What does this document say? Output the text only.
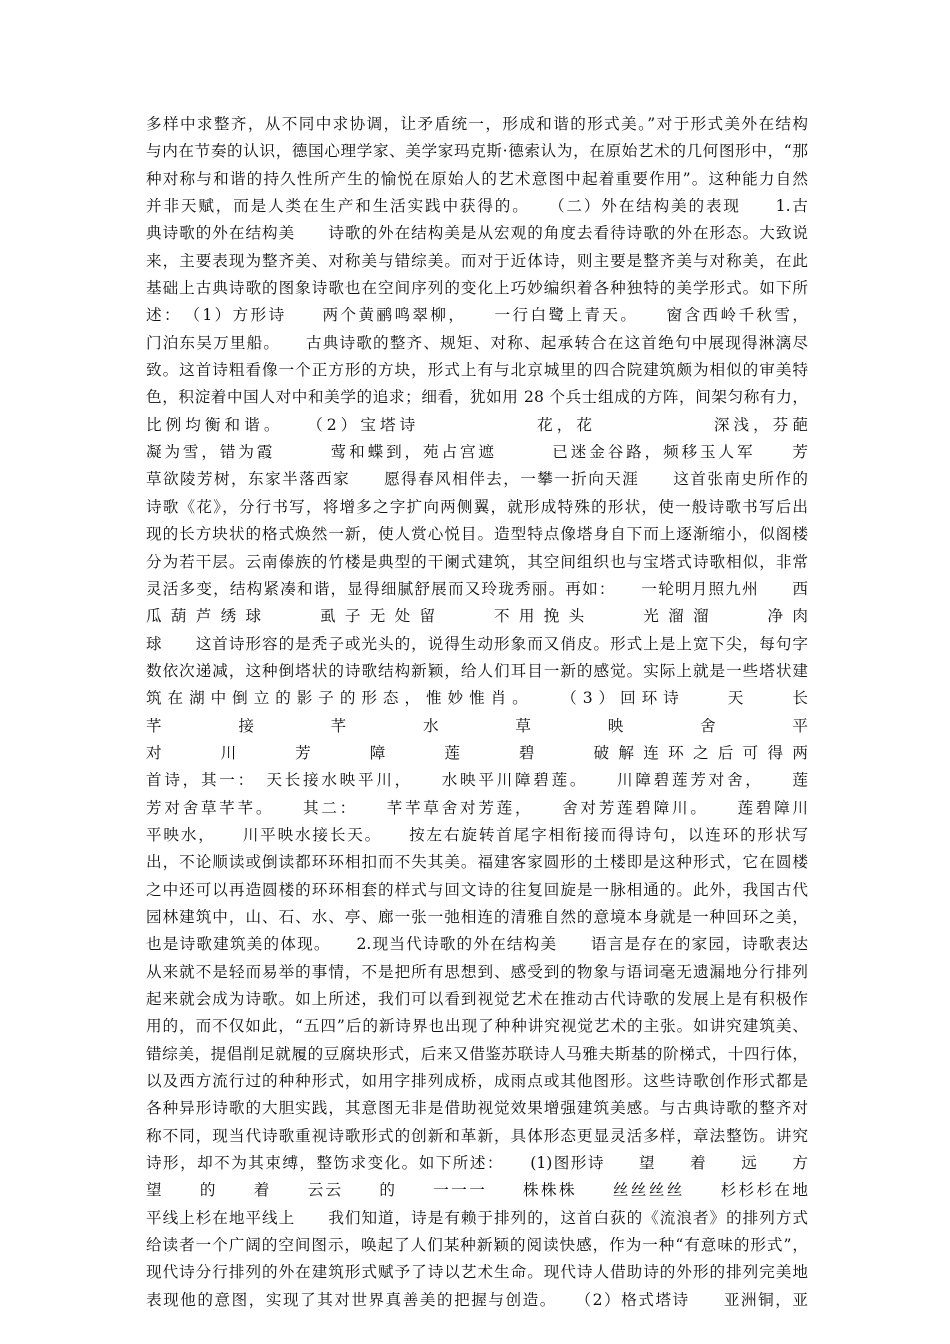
多样中求整齐，从不同中求协调，让矛盾统一，形成和谐的形式美。”对于形式美外在结构
与内在节奏的认识，德国心理学家、美学家玛克斯·德索认为，在原始艺术的几何图形中，“那
种对称与和谐的持久性所产生的愉悦在原始人的艺术意图中起着重要作用”。这种能力自然
并非天赋，而是人类在生产和生活实践中获得的。　　（二）外在结构美的表现　　1.古
典诗歌的外在结构美　　诗歌的外在结构美是从宏观的角度去看待诗歌的外在形态。大致说
来，主要表现为整齐美、对称美与错综美。而对于近体诗，则主要是整齐美与对称美，在此
基础上古典诗歌的图象诗歌也在空间序列的变化上巧妙编织着各种独特的美学形式。如下所
述：　（1）方形诗　　两个黄鹂鸣翠柳，　　一行白鹭上青天。　　窗含西岭千秋雪，
门泊东吴万里船。　　古典诗歌的整齐、规矩、对称、起承转合在这首绝句中展现得淋漓尽
致。这首诗粗看像一个正方形的方块，形式上有与北京城里的四合院建筑颇为相似的审美特
色，积淀着中国人对中和美学的追求；细看，犹如用 28 个兵士组成的方阵，间架匀称有力，
比例均衡和谐。　　（2）宝塔诗　　　　　　花，花　　　　　　深浅，芬葩
凝为雪，错为霞　　　莺和蝶到，苑占宫遮　　　已迷金谷路，频移玉人军　　芳
草欲陵芳树，东家半落西家　　愿得春风相伴去，一攀一折向天涯　　这首张南史所作的
诗歌《花》，分行书写，将增多之字扩向两侧翼，就形成特殊的形状，使一般诗歌书写后出
现的长方块状的格式焕然一新，使人赏心悦目。造型特点像塔身自下而上逐渐缩小，似阁楼
分为若干层。云南傣族的竹楼是典型的干阑式建筑，其空间组织也与宝塔式诗歌相似，非常
灵活多变，结构紧凑和谐，显得细腻舒展而又玲珑秀丽。再如：　　一轮明月照九州　　西
瓜葫芦绣球　　虱子无处留　　不用挽头　　光溜溜　　净肉
球　　这首诗形容的是秃子或光头的，说得生动形象而又俏皮。形式上是上宽下尖，每句字
数依次递减，这种倒塔状的诗歌结构新颖，给人们耳目一新的感觉。实际上就是一些塔状建
筑在湖中倒立的影子的形态，惟妙惟肖。　　（3）回环诗　　天　　长
芊　　接　　芊　　水　　草　　映　　舍　　平
对　　川　　芳　　障　　莲　　碧　　破解连环之后可得两
首诗，其一：　天长接水映平川，　　水映平川障碧莲。　　川障碧莲芳对舍，　　莲
芳对舍草芊芊。　　其二：　　芊芊草舍对芳莲，　　舍对芳莲碧障川。　　莲碧障川
平映水，　　川平映水接长天。　　按左右旋转首尾字相衔接而得诗句，以连环的形状写
出，不论顺读或倒读都环环相扣而不失其美。福建客家圆形的土楼即是这种形式，它在圆楼
之中还可以再造圆楼的环环相套的样式与回文诗的往复回旋是一脉相通的。此外，我国古代
园林建筑中，山、石、水、亭、廊一张一弛相连的清雅自然的意境本身就是一种回环之美，
也是诗歌建筑美的体现。　　2.现当代诗歌的外在结构美　　语言是存在的家园，诗歌表达
从来就不是轻而易举的事情，不是把所有思想到、感受到的物象与语词毫无遗漏地分行排列
起来就会成为诗歌。如上所述，我们可以看到视觉艺术在推动古代诗歌的发展上是有积极作
用的，而不仅如此，“五四”后的新诗界也出现了种种讲究视觉艺术的主张。如讲究建筑美、
错综美，提倡削足就履的豆腐块形式，后来又借鉴苏联诗人马雅夫斯基的阶梯式，十四行体，
以及西方流行过的种种形式，如用字排列成桥，成雨点或其他图形。这些诗歌创作形式都是
各种异形诗歌的大胆实践，其意图无非是借助视觉效果增强建筑美感。与古典诗歌的整齐对
称不同，现当代诗歌重视诗歌形式的创新和革新，具体形态更显灵活多样，章法整饬。讲究
诗形，却不为其束缚，整饬求变化。如下所述：　　(1)图形诗　　望　　着　　远　　方
望　　的　　着　　云云　　的　　一一一　　株株株　　丝丝丝丝　　杉杉杉在地
平线上杉在地平线上　　我们知道，诗是有赖于排列的，这首白荻的《流浪者》的排列方式
给读者一个广阔的空间图示，唤起了人们某种新颖的阅读快感，作为一种“有意味的形式”，
现代诗分行排列的外在建筑形式赋予了诗以艺术生命。现代诗人借助诗的外形的排列完美地
表现他的意图，实现了其对世界真善美的把握与创造。　　（2）格式塔诗　　亚洲铜，亚
